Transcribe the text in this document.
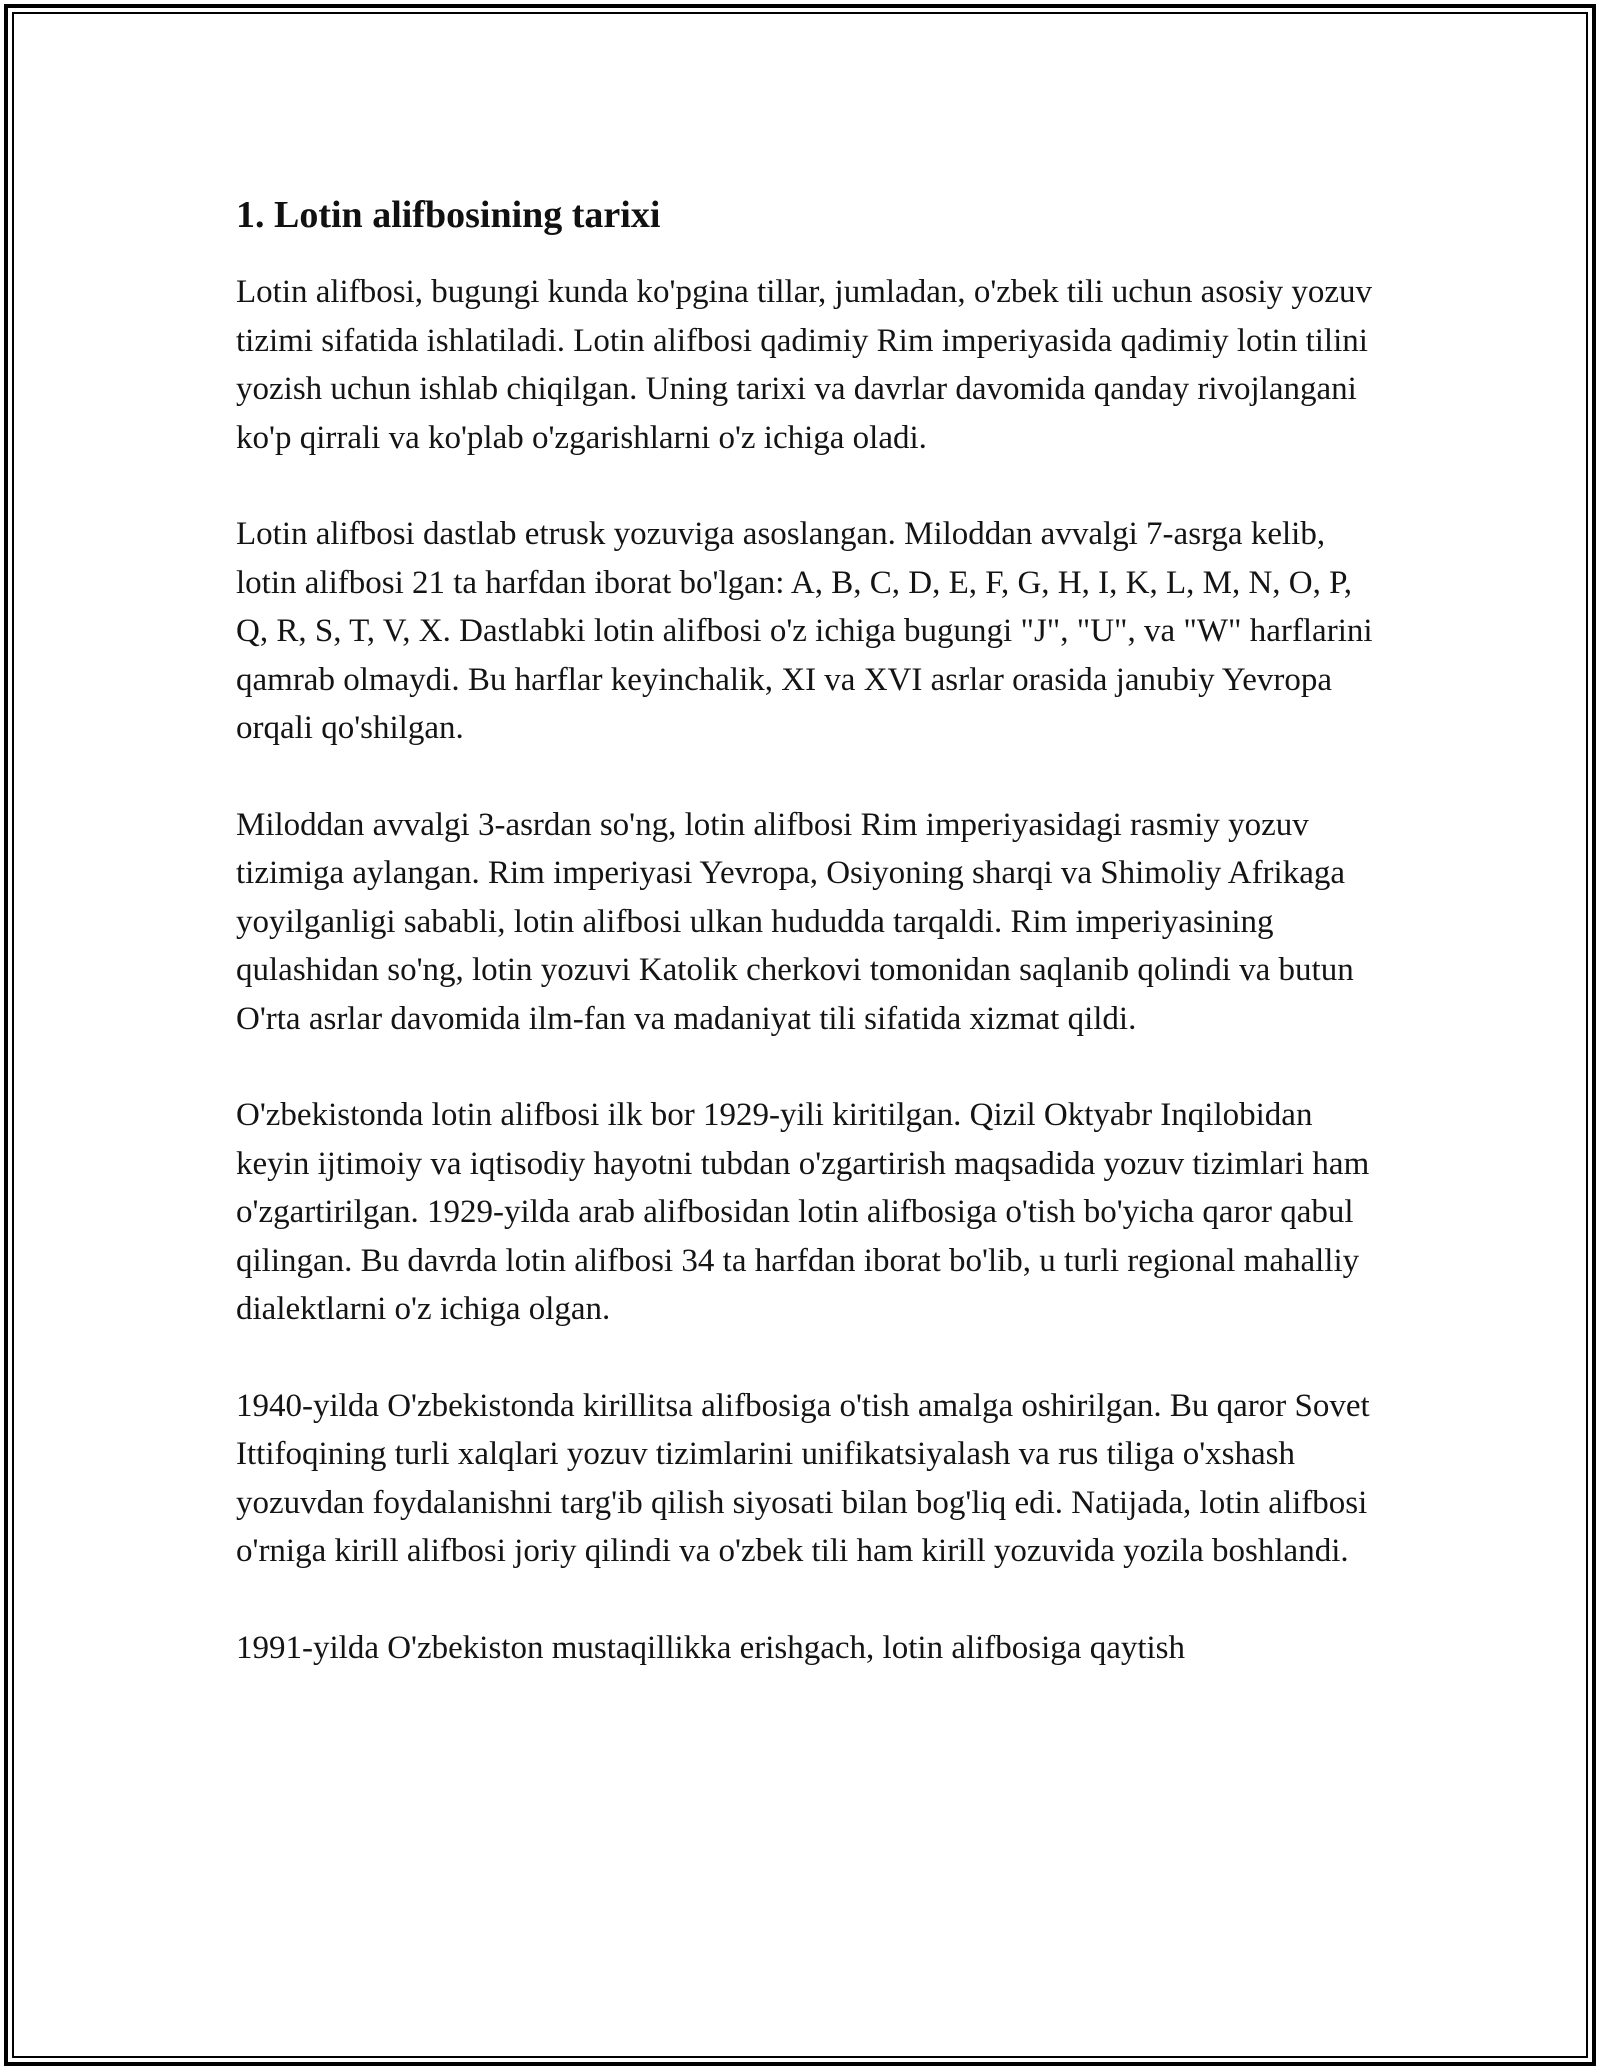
1. Lotin alifbosining tarixi

Lotin alifbosi, bugungi kunda ko'pgina tillar, jumladan, o'zbek tili uchun asosiy yozuv tizimi sifatida ishlatiladi. Lotin alifbosi qadimiy Rim imperiyasida qadimiy lotin tilini yozish uchun ishlab chiqilgan. Uning tarixi va davrlar davomida qanday rivojlangani ko'p qirrali va ko'plab o'zgarishlarni o'z ichiga oladi.

Lotin alifbosi dastlab etrusk yozuviga asoslangan. Miloddan avvalgi 7-asrga kelib, lotin alifbosi 21 ta harfdan iborat bo'lgan: A, B, C, D, E, F, G, H, I, K, L, M, N, O, P, Q, R, S, T, V, X. Dastlabki lotin alifbosi o'z ichiga bugungi "J", "U", va "W" harflarini qamrab olmaydi. Bu harflar keyinchalik, XI va XVI asrlar orasida janubiy Yevropa orqali qo'shilgan.

Miloddan avvalgi 3-asrdan so'ng, lotin alifbosi Rim imperiyasidagi rasmiy yozuv tizimiga aylangan. Rim imperiyasi Yevropa, Osiyoning sharqi va Shimoliy Afrikaga yoyilganligi sababli, lotin alifbosi ulkan hududda tarqaldi. Rim imperiyasining qulashidan so'ng, lotin yozuvi Katolik cherkovi tomonidan saqlanib qolindi va butun O'rta asrlar davomida ilm-fan va madaniyat tili sifatida xizmat qildi.

O'zbekistonda lotin alifbosi ilk bor 1929-yili kiritilgan. Qizil Oktyabr Inqilobidan keyin ijtimoiy va iqtisodiy hayotni tubdan o'zgartirish maqsadida yozuv tizimlari ham o'zgartirilgan. 1929-yilda arab alifbosidan lotin alifbosiga o'tish bo'yicha qaror qabul qilingan. Bu davrda lotin alifbosi 34 ta harfdan iborat bo'lib, u turli regional mahalliy dialektlarni o'z ichiga olgan.

1940-yilda O'zbekistonda kirillitsa alifbosiga o'tish amalga oshirilgan. Bu qaror Sovet Ittifoqining turli xalqlari yozuv tizimlarini unifikatsiyalash va rus tiliga o'xshash yozuvdan foydalanishni targ'ib qilish siyosati bilan bog'liq edi. Natijada, lotin alifbosi o'rniga kirill alifbosi joriy qilindi va o'zbek tili ham kirill yozuvida yozila boshlandi.

1991-yilda O'zbekiston mustaqillikka erishgach, lotin alifbosiga qaytish
